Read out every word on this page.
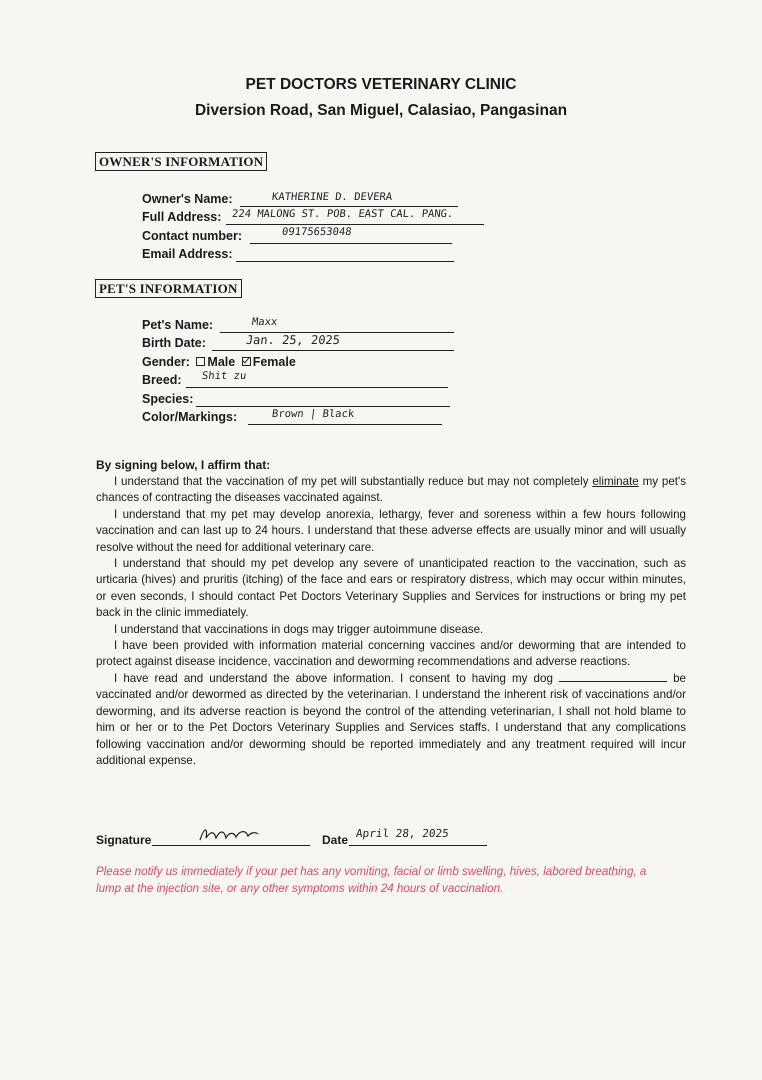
PET DOCTORS VETERINARY CLINIC
Diversion Road, San Miguel, Calasiao, Pangasinan
OWNER'S INFORMATION
Owner's Name:	KATHERINE D. DEVERA
Full Address: 224 MALONG ST. POB. EAST CAL. PANG.
Contact number:	09175653048
Email Address:
PET'S INFORMATION
Pet's Name:	Maxx
Birth Date:	Jan. 25, 2025
Gender: Male Female
Breed: Shit zu
Species:
Color/Markings:	Brown | Black
By signing below, I affirm that:

I understand that the vaccination of my pet will substantially reduce but may not completely eliminate my pet's chances of contracting the diseases vaccinated against.

I understand that my pet may develop anorexia, lethargy, fever and soreness within a few hours following vaccination and can last up to 24 hours. I understand that these adverse effects are usually minor and will usually resolve without the need for additional veterinary care.

I understand that should my pet develop any severe of unanticipated reaction to the vaccination, such as urticaria (hives) and pruritis (itching) of the face and ears or respiratory distress, which may occur within minutes, or even seconds, I should contact Pet Doctors Veterinary Supplies and Services for instructions or bring my pet back in the clinic immediately.

I understand that vaccinations in dogs may trigger autoimmune disease.

I have been provided with information material concerning vaccines and/or deworming that are intended to protect against disease incidence, vaccination and deworming recommendations and adverse reactions.

I have read and understand the above information. I consent to having my dog	be vaccinated and/or dewormed as directed by the veterinarian. I understand the inherent risk of vaccinations and/or deworming, and its adverse reaction is beyond the control of the attending veterinarian, I shall not hold blame to him or her or to the Pet Doctors Veterinary Supplies and Services staffs. I understand that any complications following vaccination and/or deworming should be reported immediately and any treatment required will incur additional expense.

Signature	Date April 28, 2025
Please notify us immediately if your pet has any vomiting, facial or limb swelling, hives, labored breathing, a lump at the injection site, or any other symptoms within 24 hours of vaccination.
